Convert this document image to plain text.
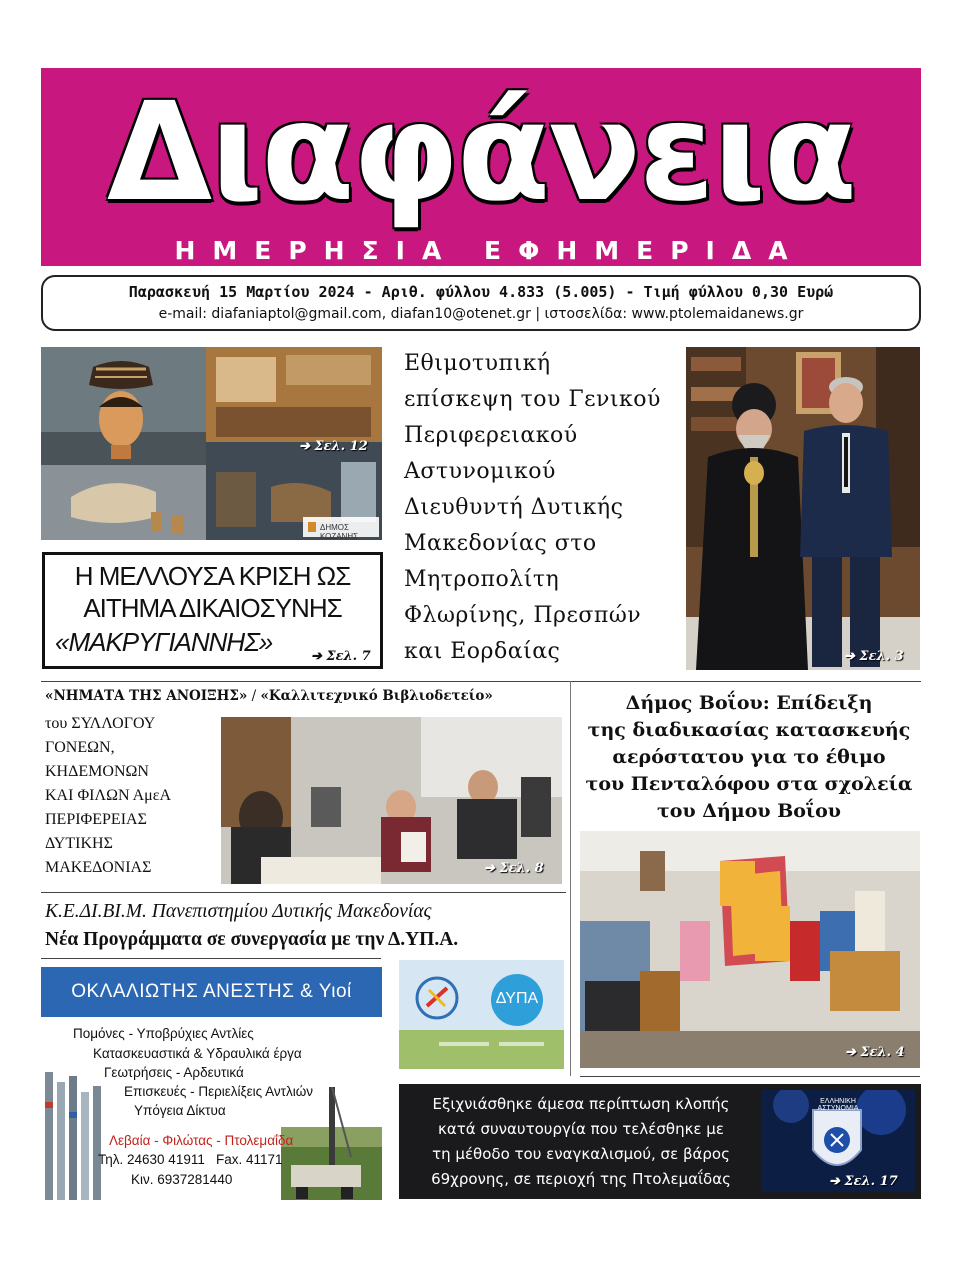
Διαφάνεια
ΗΜΕΡΗΣΙΑ ΕΦΗΜΕΡΙΔΑ
Παρασκευή 15 Μαρτίου 2024 - Αριθ. φύλλου 4.833 (5.005) - Τιμή φύλλου 0,30 Ευρώ
e-mail: diafaniaptol@gmail.com, diafan10@otenet.gr | ιστοσελίδα: www.ptolemaidanews.gr
➔ Σελ. 12
ΔΗΜΟΣ ΚΟΖΑΝΗΣ
Η ΜΕΛΛΟΥΣΑ ΚΡΙΣΗ ΩΣ
ΑΙΤΗΜΑ ΔΙΚΑΙΟΣΥΝΗΣ
«ΜΑΚΡΥΓΙΑΝΝΗΣ»	➔ Σελ. 7
Εθιμοτυπική
επίσκεψη του Γενικού
Περιφερειακού
Αστυνομικού
Διευθυντή Δυτικής
Μακεδονίας στο
Μητροπολίτη
Φλωρίνης, Πρεσπών
και Εορδαίας	➔ Σελ. 3
«ΝΗΜΑΤΑ ΤΗΣ ΑΝΟΙΞΗΣ» / «Καλλιτεχνικό Βιβλιοδετείο»
του ΣΥΛΛΟΓΟΥ
ΓΟΝΕΩΝ,
ΚΗΔΕΜΟΝΩΝ
ΚΑΙ ΦΙΛΩΝ ΑμεΑ
ΠΕΡΙΦΕΡΕΙΑΣ
ΔΥΤΙΚΗΣ
ΜΑΚΕΔΟΝΙΑΣ	➔ Σελ. 8
Δήμος Βοΐου: Επίδειξη
της διαδικασίας κατασκευής
αερόστατου για το έθιμο
του Πενταλόφου στα σχολεία
του Δήμου Βοΐου
➔ Σελ. 4
Κ.Ε.ΔΙ.ΒΙ.Μ. Πανεπιστημίου Δυτικής Μακεδονίας
Νέα Προγράμματα σε συνεργασία με την Δ.ΥΠ.Α.
ΔΥΠΑ
ΟΚΛΑΛΙΩΤΗΣ ΑΝΕΣΤΗΣ & Υιοί
Πομόνες - Υποβρύχιες Αντλίες
Κατασκευαστικά & Υδραυλικά έργα
Γεωτρήσεις - Αρδευτικά
Επισκευές - Περιελίξεις Αντλιών
Υπόγεια Δίκτυα
Λεβαία - Φιλώτας - Πτολεμαΐδα
Τηλ. 24630 41911 Fax. 41171
Κιν. 6937281440
Εξιχνιάσθηκε άμεσα περίπτωση κλοπής
κατά συναυτουργία που τελέσθηκε με
τη μέθοδο του εναγκαλισμού, σε βάρος
69χρονης, σε περιοχή της Πτολεμαΐδας
ΕΛΛΗΝΙΚΗ ΑΣΤΥΝΟΜΙΑ
➔ Σελ. 17
